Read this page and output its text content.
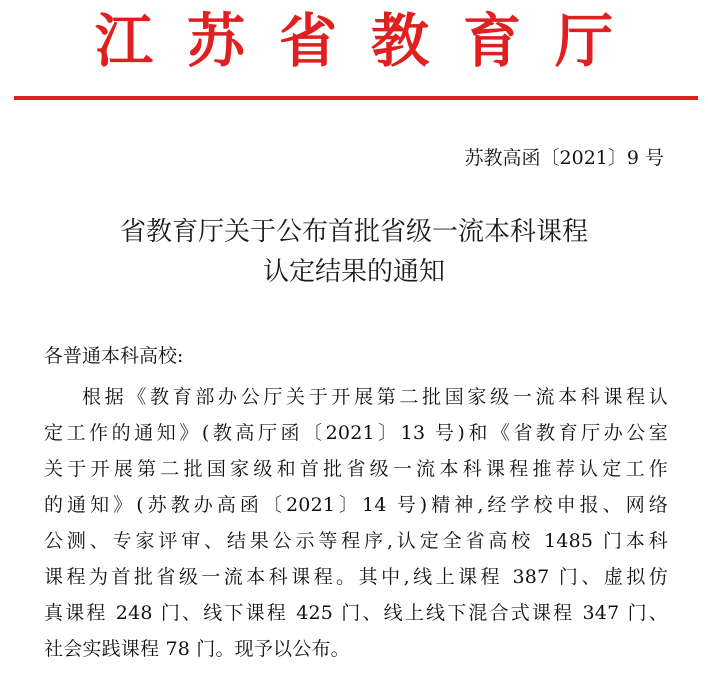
江苏省教育厅
苏教高函〔2021〕9 号
省教育厅关于公布首批省级一流本科课程
认定结果的通知
各普通本科高校:
根据《教育部办公厅关于开展第二批国家级一流本科课程认
定工作的通知》(教高厅函〔2021〕13 号)和《省教育厅办公室
关于开展第二批国家级和首批省级一流本科课程推荐认定工作
的通知》(苏教办高函〔2021〕14 号)精神,经学校申报、网络
公测、专家评审、结果公示等程序,认定全省高校 1485 门本科
课程为首批省级一流本科课程。其中,线上课程 387 门、虚拟仿
真课程 248 门、线下课程 425 门、线上线下混合式课程 347 门、
社会实践课程 78 门。现予以公布。
